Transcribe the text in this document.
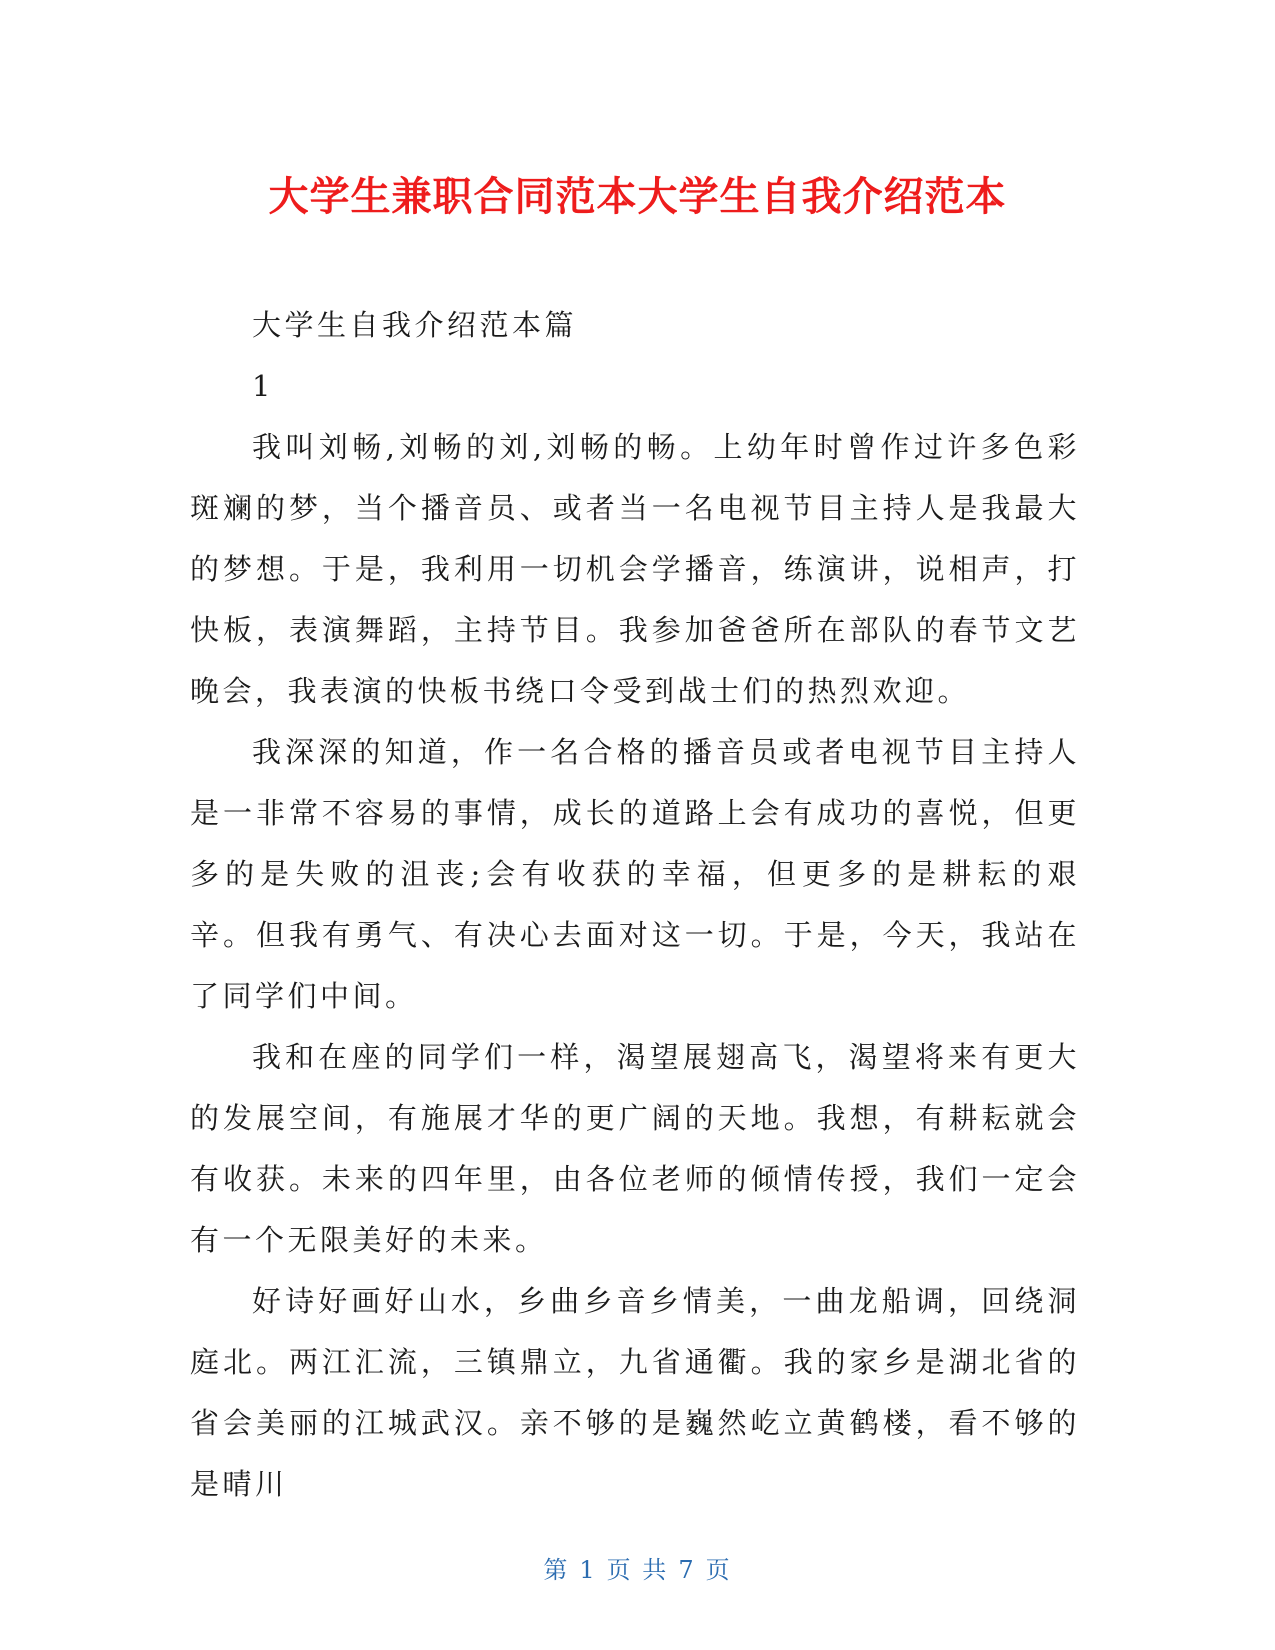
大学生兼职合同范本大学生自我介绍范本

大学生自我介绍范本篇

1

我叫刘畅,刘畅的刘,刘畅的畅。上幼年时曾作过许多色彩斑斓的梦，当个播音员、或者当一名电视节目主持人是我最大的梦想。于是，我利用一切机会学播音，练演讲，说相声，打快板，表演舞蹈，主持节目。我参加爸爸所在部队的春节文艺晚会，我表演的快板书绕口令受到战士们的热烈欢迎。

我深深的知道，作一名合格的播音员或者电视节目主持人是一非常不容易的事情，成长的道路上会有成功的喜悦，但更多的是失败的沮丧;会有收获的幸福，但更多的是耕耘的艰辛。但我有勇气、有决心去面对这一切。于是，今天，我站在了同学们中间。

我和在座的同学们一样，渴望展翅高飞，渴望将来有更大的发展空间，有施展才华的更广阔的天地。我想，有耕耘就会有收获。未来的四年里，由各位老师的倾情传授，我们一定会有一个无限美好的未来。

好诗好画好山水，乡曲乡音乡情美，一曲龙船调，回绕洞庭北。两江汇流，三镇鼎立，九省通衢。我的家乡是湖北省的省会美丽的江城武汉。亲不够的是巍然屹立黄鹤楼，看不够的是晴川

第 1 页 共 7 页
